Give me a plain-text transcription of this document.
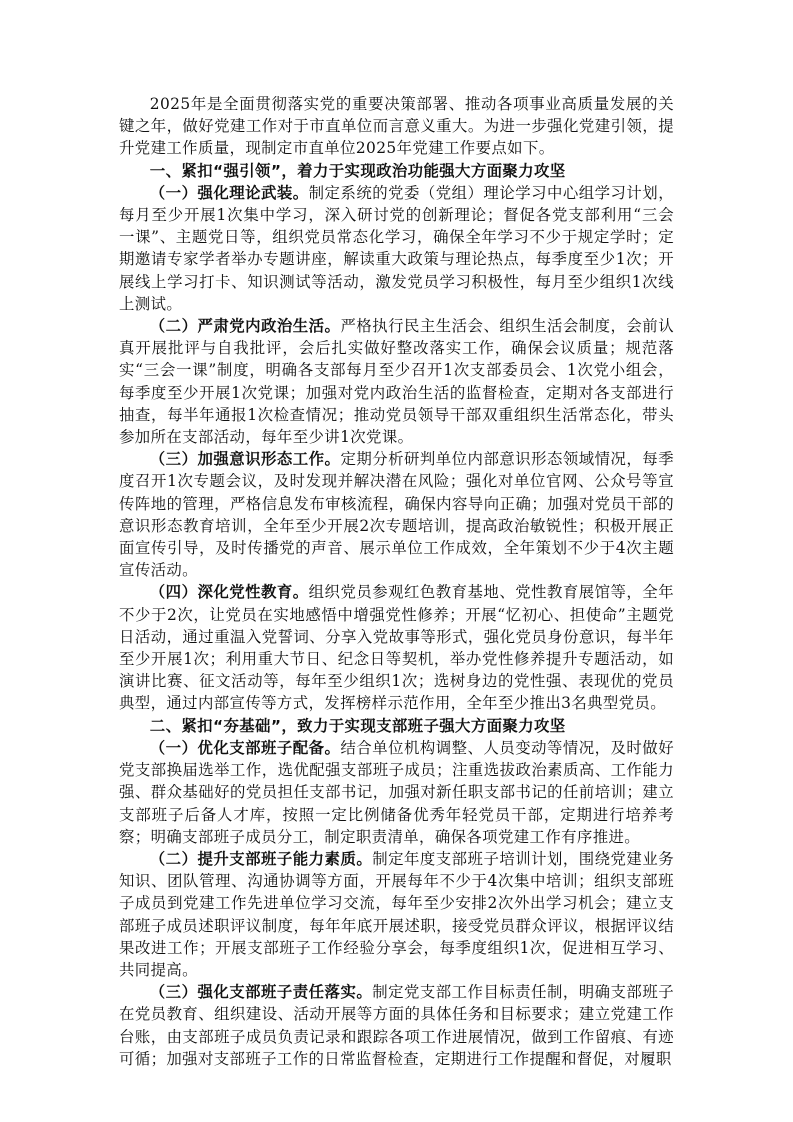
2025年是全面贯彻落实党的重要决策部署、推动各项事业高质量发展的关键之年，做好党建工作对于市直单位而言意义重大。为进一步强化党建引领，提升党建工作质量，现制定市直单位2025年党建工作要点如下。

一、紧扣“强引领”，着力于实现政治功能强大方面聚力攻坚

（一）强化理论武装。制定系统的党委（党组）理论学习中心组学习计划，每月至少开展1次集中学习，深入研讨党的创新理论；督促各党支部利用“三会一课”、主题党日等，组织党员常态化学习，确保全年学习不少于规定学时；定期邀请专家学者举办专题讲座，解读重大政策与理论热点，每季度至少1次；开展线上学习打卡、知识测试等活动，激发党员学习积极性，每月至少组织1次线上测试。

（二）严肃党内政治生活。严格执行民主生活会、组织生活会制度，会前认真开展批评与自我批评，会后扎实做好整改落实工作，确保会议质量；规范落实“三会一课”制度，明确各支部每月至少召开1次支部委员会、1次党小组会，每季度至少开展1次党课；加强对党内政治生活的监督检查，定期对各支部进行抽查，每半年通报1次检查情况；推动党员领导干部双重组织生活常态化，带头参加所在支部活动，每年至少讲1次党课。

（三）加强意识形态工作。定期分析研判单位内部意识形态领域情况，每季度召开1次专题会议，及时发现并解决潜在风险；强化对单位官网、公众号等宣传阵地的管理，严格信息发布审核流程，确保内容导向正确；加强对党员干部的意识形态教育培训，全年至少开展2次专题培训，提高政治敏锐性；积极开展正面宣传引导，及时传播党的声音、展示单位工作成效，全年策划不少于4次主题宣传活动。

（四）深化党性教育。组织党员参观红色教育基地、党性教育展馆等，全年不少于2次，让党员在实地感悟中增强党性修养；开展“忆初心、担使命”主题党日活动，通过重温入党誓词、分享入党故事等形式，强化党员身份意识，每半年至少开展1次；利用重大节日、纪念日等契机，举办党性修养提升专题活动，如演讲比赛、征文活动等，每年至少组织1次；选树身边的党性强、表现优的党员典型，通过内部宣传等方式，发挥榜样示范作用，全年至少推出3名典型党员。

二、紧扣“夯基础”，致力于实现支部班子强大方面聚力攻坚

（一）优化支部班子配备。结合单位机构调整、人员变动等情况，及时做好党支部换届选举工作，选优配强支部班子成员；注重选拔政治素质高、工作能力强、群众基础好的党员担任支部书记，加强对新任职支部书记的任前培训；建立支部班子后备人才库，按照一定比例储备优秀年轻党员干部，定期进行培养考察；明确支部班子成员分工，制定职责清单，确保各项党建工作有序推进。

（二）提升支部班子能力素质。制定年度支部班子培训计划，围绕党建业务知识、团队管理、沟通协调等方面，开展每年不少于4次集中培训；组织支部班子成员到党建工作先进单位学习交流，每年至少安排2次外出学习机会；建立支部班子成员述职评议制度，每年年底开展述职，接受党员群众评议，根据评议结果改进工作；开展支部班子工作经验分享会，每季度组织1次，促进相互学习、共同提高。

（三）强化支部班子责任落实。制定党支部工作目标责任制，明确支部班子在党员教育、组织建设、活动开展等方面的具体任务和目标要求；建立党建工作台账，由支部班子成员负责记录和跟踪各项工作进展情况，做到工作留痕、有迹可循；加强对支部班子工作的日常监督检查，定期进行工作提醒和督促，对履职
